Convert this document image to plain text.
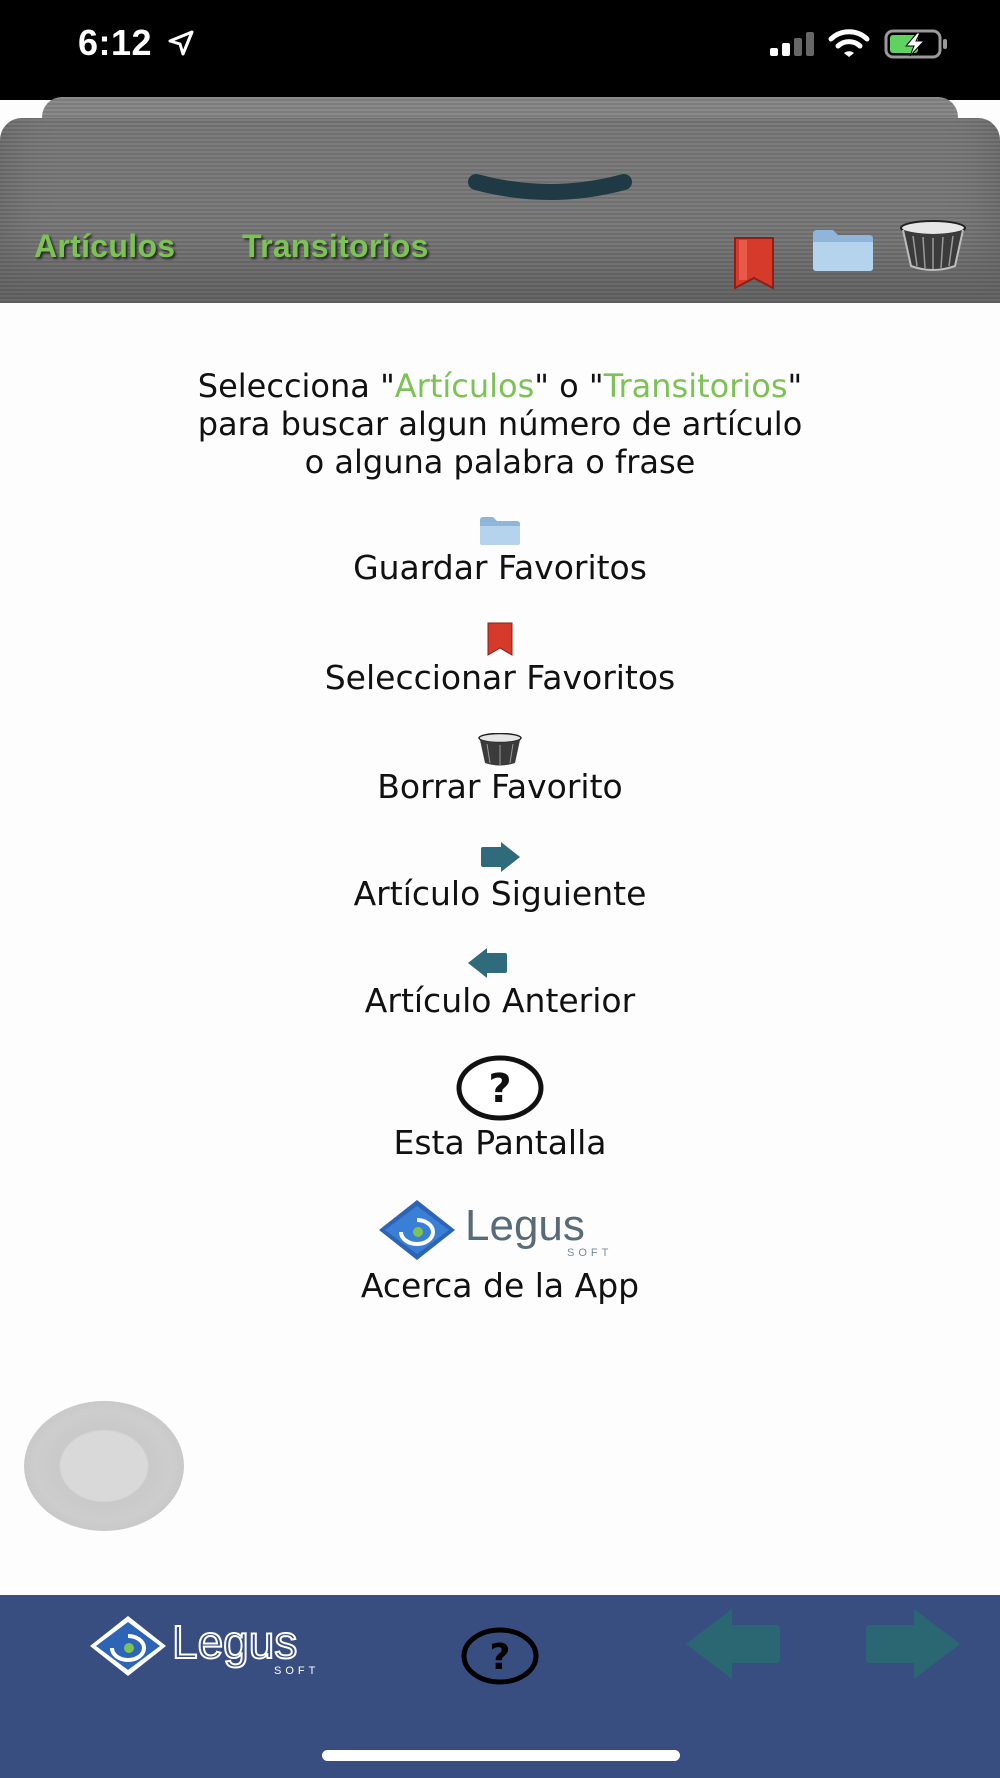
6:12
Artículos Transitorios
Selecciona "Artículos" o "Transitorios"
para buscar algun número de artículo
o alguna palabra o frase
Guardar Favoritos
Seleccionar Favoritos
Borrar Favorito
Artículo Siguiente
Artículo Anterior
?
Esta Pantalla
Legus
SOFT
Acerca de la App
Legus
SOFT	?
